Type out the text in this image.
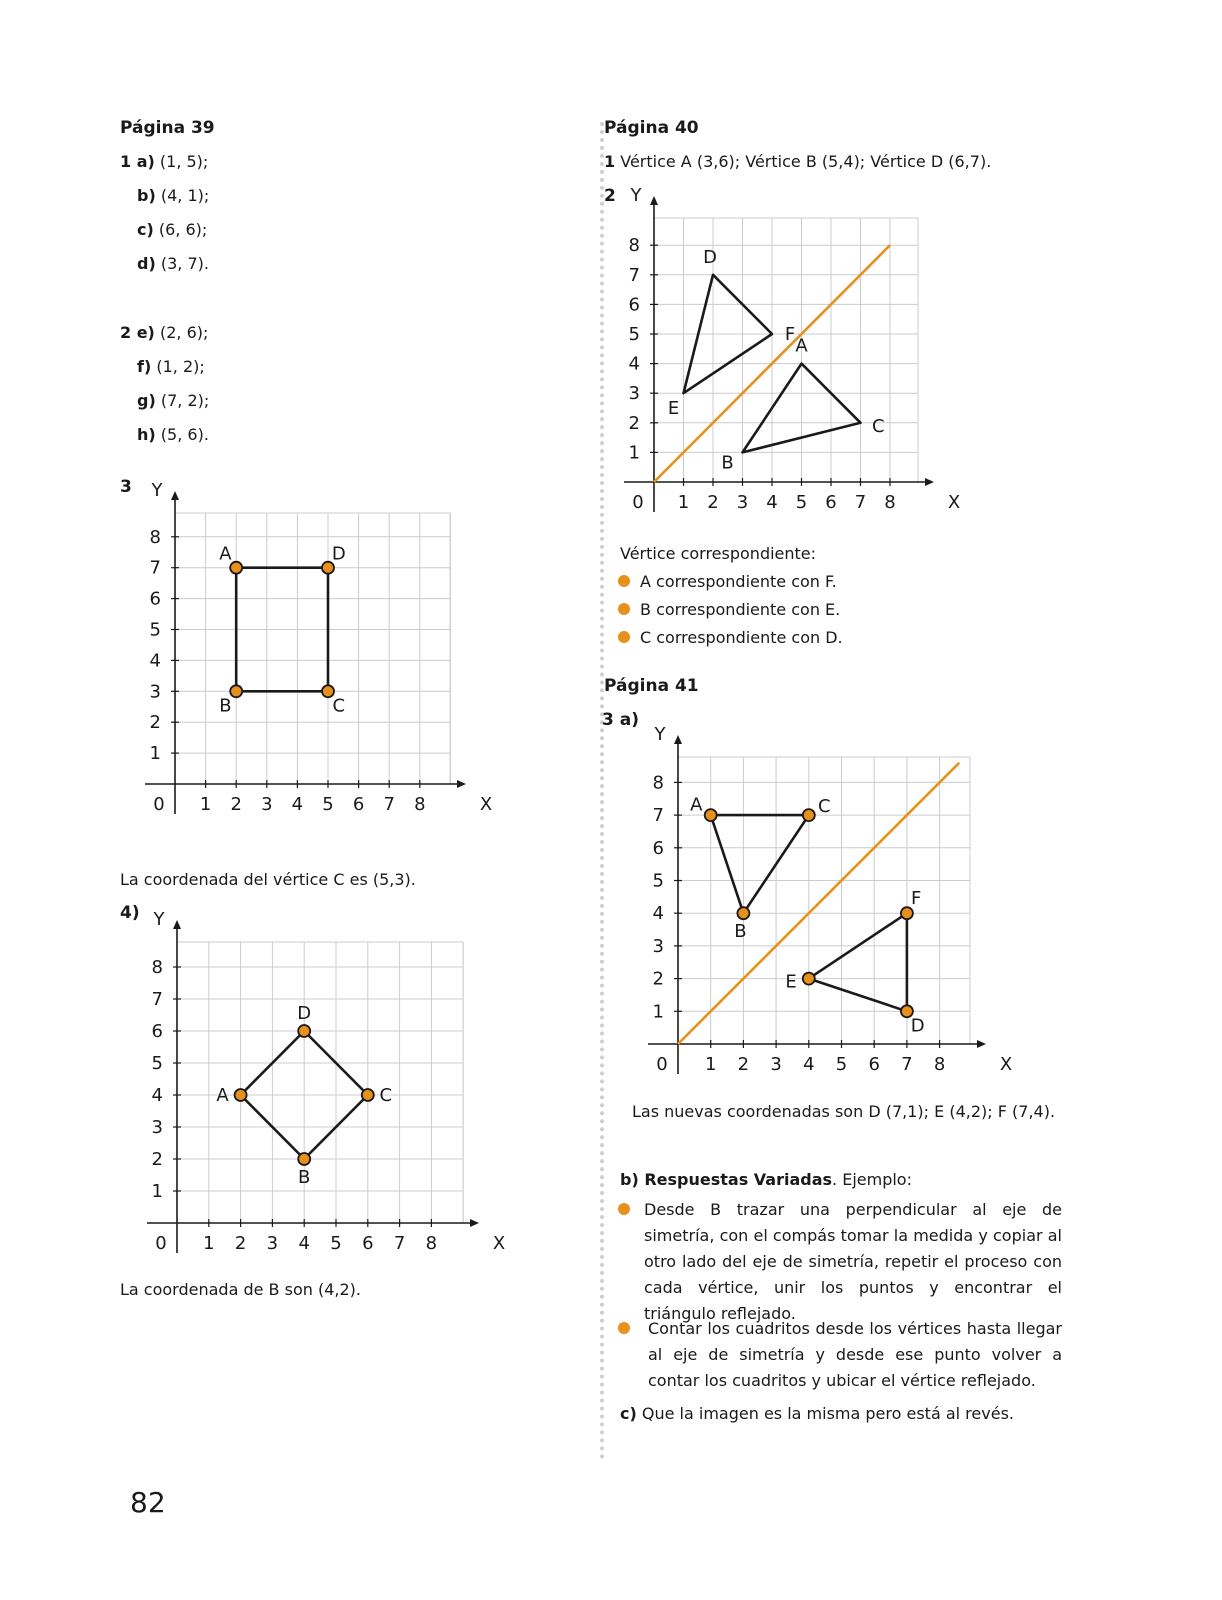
Página 39
1 a) (1, 5);
b) (4, 1);
c) (6, 6);
d) (3, 7).
2 e) (2, 6);
f) (1, 2);
g) (7, 2);
h) (5, 6).
3
1 2 3 4 5 6 7 8
1
2
3
4
5
6
7
8
0	X
Y
A	D
C
B
La coordenada del vértice C es (5,3).
4)
1 2 3 4 5 6 7 8
1
2
3
4
5
6
7
8
0	X
Y
A
D
C
B
La coordenada de B son (4,2).
82
Página 40
1 Vértice A (3,6); Vértice B (5,4); Vértice D (6,7).
2
1 2 3 4 5 6 7 8
1
2
3
4
5
6
7
8
0	X
Y
D
F
E
A
C
B
Vértice correspondiente:
A correspondiente con F.
B correspondiente con E.
C correspondiente con D.
Página 41
3 a)
1 2 3 4 5 6 7 8
1
2
3
4
5
6
7
8
0	X
Y
A	C
B
F
D
E
Las nuevas coordenadas son D (7,1); E (4,2); F (7,4).
b) Respuestas Variadas. Ejemplo:
Desde B trazar una perpendicular al eje de simetría, con el compás tomar la medida y copiar al otro lado del eje de simetría, repetir el proceso con cada vértice, unir los puntos y encontrar el triángulo reflejado.
Contar los cuadritos desde los vértices hasta llegar al eje de simetría y desde ese punto volver a contar los cuadritos y ubicar el vértice reflejado.
c) Que la imagen es la misma pero está al revés.
